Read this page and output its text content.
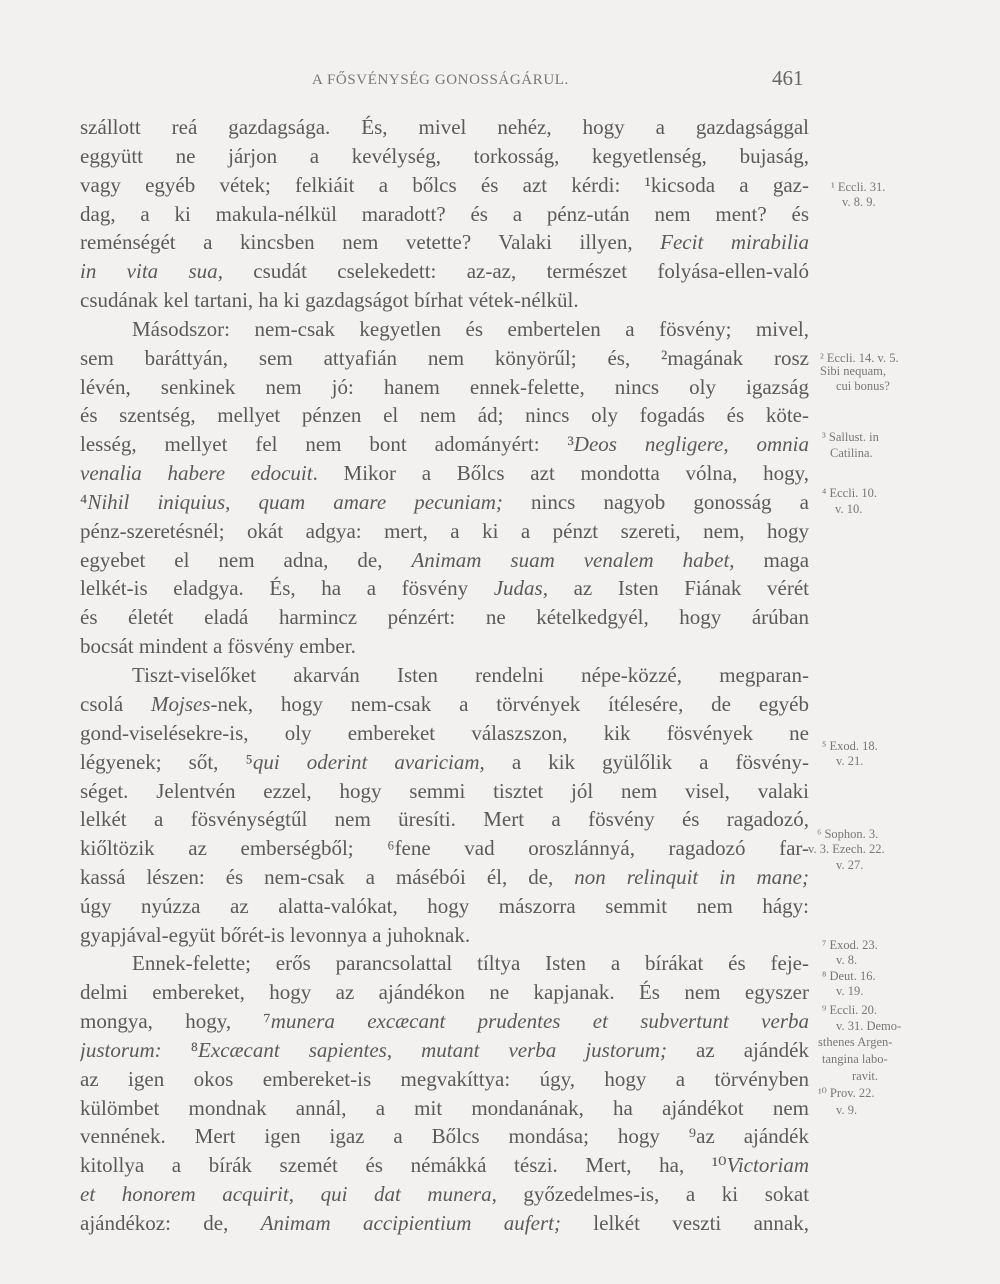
A FŐSVÉNYSÉG GONOSSÁGÁRUL.	461
szállott reá gazdagsága. És, mivel nehéz, hogy a gazdagsággal
eggyütt ne járjon a kevélység, torkosság, kegyetlenség, bujaság,
vagy egyéb vétek; felkiáit a bőlcs és azt kérdi: ¹kicsoda a gaz-
dag, a ki makula-nélkül maradott? és a pénz-után nem ment? és
reménségét a kincsben nem vetette? Valaki illyen, Fecit mirabilia
in vita sua, csudát cselekedett: az-az, természet folyása-ellen-való
csudának kel tartani, ha ki gazdagságot bírhat vétek-nélkül.
Másodszor: nem-csak kegyetlen és embertelen a fösvény; mivel,
sem baráttyán, sem attyafián nem könyörűl; és, ²magának rosz
lévén, senkinek nem jó: hanem ennek-felette, nincs oly igazság
és szentség, mellyet pénzen el nem ád; nincs oly fogadás és köte-
lesség, mellyet fel nem bont adományért: ³Deos negligere, omnia
venalia habere edocuit. Mikor a Bőlcs azt mondotta vólna, hogy,
⁴Nihil iniquius, quam amare pecuniam; nincs nagyob gonosság a
pénz-szeretésnél; okát adgya: mert, a ki a pénzt szereti, nem, hogy
egyebet el nem adna, de, Animam suam venalem habet, maga
lelkét-is eladgya. És, ha a fösvény Judas, az Isten Fiának vérét
és életét eladá harmincz pénzért: ne kételkedgyél, hogy árúban
bocsát mindent a fösvény ember.
Tiszt-viselőket akarván Isten rendelni népe-közzé, megparan-
csolá Mojses-nek, hogy nem-csak a törvények ítélesére, de egyéb
gond-viselésekre-is, oly embereket válaszszon, kik fösvények ne
légyenek; sőt, ⁵qui oderint avariciam, a kik gyülőlik a fösvény-
séget. Jelentvén ezzel, hogy semmi tisztet jól nem visel, valaki
lelkét a fösvénységtűl nem üresíti. Mert a fösvény és ragadozó,
kiőltözik az emberségből; ⁶fene vad oroszlánnyá, ragadozó far-
kassá lészen: és nem-csak a másébói él, de, non relinquit in mane;
úgy nyúzza az alatta-valókat, hogy mászorra semmit nem hágy:
gyapjával-együt bőrét-is levonnya a juhoknak.
Ennek-felette; erős parancsolattal tíltya Isten a bírákat és feje-
delmi embereket, hogy az ajándékon ne kapjanak. És nem egyszer
mongya, hogy, ⁷munera excæcant prudentes et subvertunt verba
justorum: ⁸Excæcant sapientes, mutant verba justorum; az ajándék
az igen okos embereket-is megvakíttya: úgy, hogy a törvényben
külömbet mondnak annál, a mit mondanának, ha ajándékot nem
vennének. Mert igen igaz a Bőlcs mondása; hogy ⁹az ajándék
kitollya a bírák szemét és némákká tészi. Mert, ha, ¹⁰Victoriam
et honorem acquirit, qui dat munera, győzedelmes-is, a ki sokat
ajándékoz: de, Animam accipientium aufert; lelkét veszti annak,
¹ Eccli. 31.
v. 8. 9.
² Eccli. 14. v. 5.
Sibi nequam,
cui bonus?
³ Sallust. in
Catilina.
⁴ Eccli. 10.
v. 10.
⁵ Exod. 18.
v. 21.
⁶ Sophon. 3.
v. 3. Ezech. 22.
v. 27.
⁷ Exod. 23.
v. 8.
⁸ Deut. 16.
v. 19.
⁹ Eccli. 20.
v. 31. Demo-
sthenes Argen-
tangina labo-
ravit.
¹⁰ Prov. 22.
v. 9.
